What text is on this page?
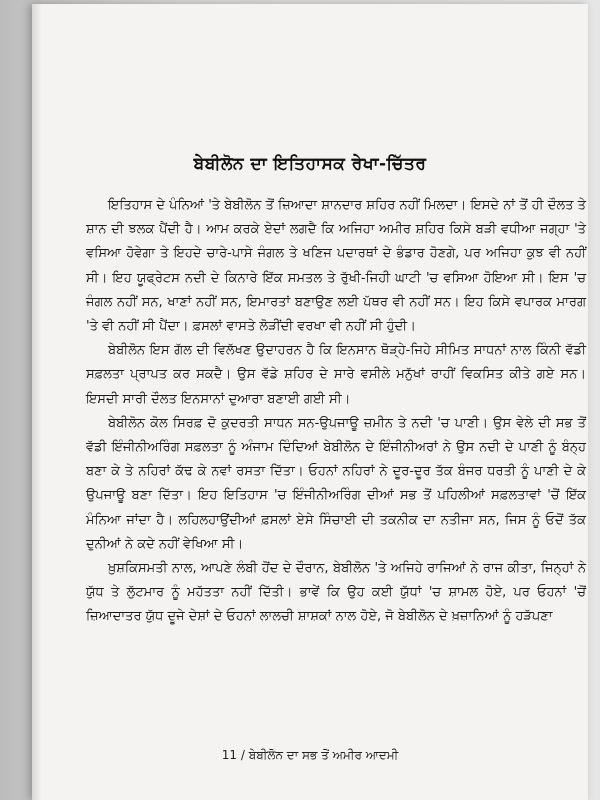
ਬੇਬੀਲੋਨ ਦਾ ਇਤਿਹਾਸਕ ਰੇਖਾ-ਚਿੱਤਰ

ਇਤਿਹਾਸ ਦੇ ਪੰਨਿਆਂ 'ਤੇ ਬੇਬੀਲੋਨ ਤੋਂ ਜ਼ਿਆਦਾ ਸ਼ਾਨਦਾਰ ਸ਼ਹਿਰ ਨਹੀਂ ਮਿਲਦਾ। ਇਸਦੇ ਨਾਂ ਤੋਂ ਹੀ ਦੌਲਤ ਤੇ ਸ਼ਾਨ ਦੀ ਝਲਕ ਪੈਂਦੀ ਹੈ। ਆਮ ਕਰਕੇ ਏਦਾਂ ਲਗਦੈ ਕਿ ਅਜਿਹਾ ਅਮੀਰ ਸ਼ਹਿਰ ਕਿਸੇ ਬੜੀ ਵਧੀਆ ਜਗ੍ਹਾ 'ਤੇ ਵਸਿਆ ਹੋਵੇਗਾ ਤੇ ਇਹਦੇ ਚਾਰੇ-ਪਾਸੇ ਜੰਗਲ ਤੇ ਖਣਿਜ ਪਦਾਰਥਾਂ ਦੇ ਭੰਡਾਰ ਹੋਣਗੇ, ਪਰ ਅਜਿਹਾ ਕੁਝ ਵੀ ਨਹੀਂ ਸੀ। ਇਹ ਯੂਫ੍ਰੇਟਸ ਨਦੀ ਦੇ ਕਿਨਾਰੇ ਇੱਕ ਸਮਤਲ ਤੇ ਰੁੱਖੀ-ਜਿਹੀ ਘਾਟੀ 'ਚ ਵਸਿਆ ਹੋਇਆ ਸੀ। ਇਸ 'ਚ ਜੰਗਲ ਨਹੀਂ ਸਨ, ਖਾਣਾਂ ਨਹੀਂ ਸਨ, ਇਮਾਰਤਾਂ ਬਣਾਉਣ ਲਈ ਪੱਥਰ ਵੀ ਨਹੀਂ ਸਨ। ਇਹ ਕਿਸੇ ਵਪਾਰਕ ਮਾਰਗ 'ਤੇ ਵੀ ਨਹੀਂ ਸੀ ਪੈਂਦਾ। ਫ਼ਸਲਾਂ ਵਾਸਤੇ ਲੋੜੀਂਦੀ ਵਰਖਾ ਵੀ ਨਹੀਂ ਸੀ ਹੁੰਦੀ।

ਬੇਬੀਲੋਨ ਇਸ ਗੱਲ ਦੀ ਵਿਲੱਖਣ ਉਦਾਹਰਨ ਹੈ ਕਿ ਇਨਸਾਨ ਥੋੜ੍ਹੇ-ਜਿਹੇ ਸੀਮਿਤ ਸਾਧਨਾਂ ਨਾਲ ਕਿੰਨੀ ਵੱਡੀ ਸਫ਼ਲਤਾ ਪ੍ਰਾਪਤ ਕਰ ਸਕਦੈ। ਉਸ ਵੱਡੇ ਸ਼ਹਿਰ ਦੇ ਸਾਰੇ ਵਸੀਲੇ ਮਨੁੱਖਾਂ ਰਾਹੀਂ ਵਿਕਸਿਤ ਕੀਤੇ ਗਏ ਸਨ। ਇਸਦੀ ਸਾਰੀ ਦੌਲਤ ਇਨਸਾਨਾਂ ਦੁਆਰਾ ਬਣਾਈ ਗਈ ਸੀ।

ਬੇਬੀਲੋਨ ਕੋਲ ਸਿਰਫ਼ ਦੋ ਕੁਦਰਤੀ ਸਾਧਨ ਸਨ-ਉਪਜਾਊ ਜ਼ਮੀਨ ਤੇ ਨਦੀ 'ਚ ਪਾਣੀ। ਉਸ ਵੇਲੇ ਦੀ ਸਭ ਤੋਂ ਵੱਡੀ ਇੰਜੀਨੀਅਰਿੰਗ ਸਫ਼ਲਤਾ ਨੂੰ ਅੰਜਾਮ ਦਿੰਦਿਆਂ ਬੇਬੀਲੋਨ ਦੇ ਇੰਜੀਨੀਅਰਾਂ ਨੇ ਉਸ ਨਦੀ ਦੇ ਪਾਣੀ ਨੂੰ ਬੰਨ੍ਹ ਬਣਾ ਕੇ ਤੇ ਨਹਿਰਾਂ ਕੱਢ ਕੇ ਨਵਾਂ ਰਸਤਾ ਦਿੱਤਾ। ਓਹਨਾਂ ਨਹਿਰਾਂ ਨੇ ਦੂਰ-ਦੂਰ ਤੱਕ ਬੰਜਰ ਧਰਤੀ ਨੂੰ ਪਾਣੀ ਦੇ ਕੇ ਉਪਜਾਊ ਬਣਾ ਦਿੱਤਾ। ਇਹ ਇਤਿਹਾਸ 'ਚ ਇੰਜੀਨੀਅਰਿੰਗ ਦੀਆਂ ਸਭ ਤੋਂ ਪਹਿਲੀਆਂ ਸਫ਼ਲਤਾਵਾਂ 'ਚੋਂ ਇੱਕ ਮੰਨਿਆ ਜਾਂਦਾ ਹੈ। ਲਹਿਲਹਾਉਂਦੀਆਂ ਫ਼ਸਲਾਂ ਏਸੇ ਸਿੰਚਾਈ ਦੀ ਤਕਨੀਕ ਦਾ ਨਤੀਜਾ ਸਨ, ਜਿਸ ਨੂੰ ਓਦੋਂ ਤੱਕ ਦੁਨੀਆਂ ਨੇ ਕਦੇ ਨਹੀਂ ਵੇਖਿਆ ਸੀ।

ਖ਼ੁਸ਼ਕਿਸਮਤੀ ਨਾਲ, ਆਪਣੇ ਲੰਬੀ ਹੋਂਦ ਦੇ ਦੌਰਾਨ, ਬੇਬੀਲੋਨ 'ਤੇ ਅਜਿਹੇ ਰਾਜਿਆਂ ਨੇ ਰਾਜ ਕੀਤਾ, ਜਿਨ੍ਹਾਂ ਨੇ ਯੁੱਧ ਤੇ ਲੁੱਟਮਾਰ ਨੂੰ ਮਹੱਤਤਾ ਨਹੀਂ ਦਿੱਤੀ। ਭਾਵੇਂ ਕਿ ਉਹ ਕਈ ਯੁੱਧਾਂ 'ਚ ਸ਼ਾਮਲ ਹੋਏ, ਪਰ ਓਹਨਾਂ 'ਚੋਂ ਜ਼ਿਆਦਾਤਰ ਯੁੱਧ ਦੂਜੇ ਦੇਸ਼ਾਂ ਦੇ ਓਹਨਾਂ ਲਾਲਚੀ ਸ਼ਾਸ਼ਕਾਂ ਨਾਲ ਹੋਏ, ਜੋ ਬੇਬੀਲੋਨ ਦੇ ਖ਼ਜ਼ਾਨਿਆਂ ਨੂੰ ਹੜੱਪਣਾ

11 / ਬੇਬੀਲੋਨ ਦਾ ਸਭ ਤੋਂ ਅਮੀਰ ਆਦਮੀ
